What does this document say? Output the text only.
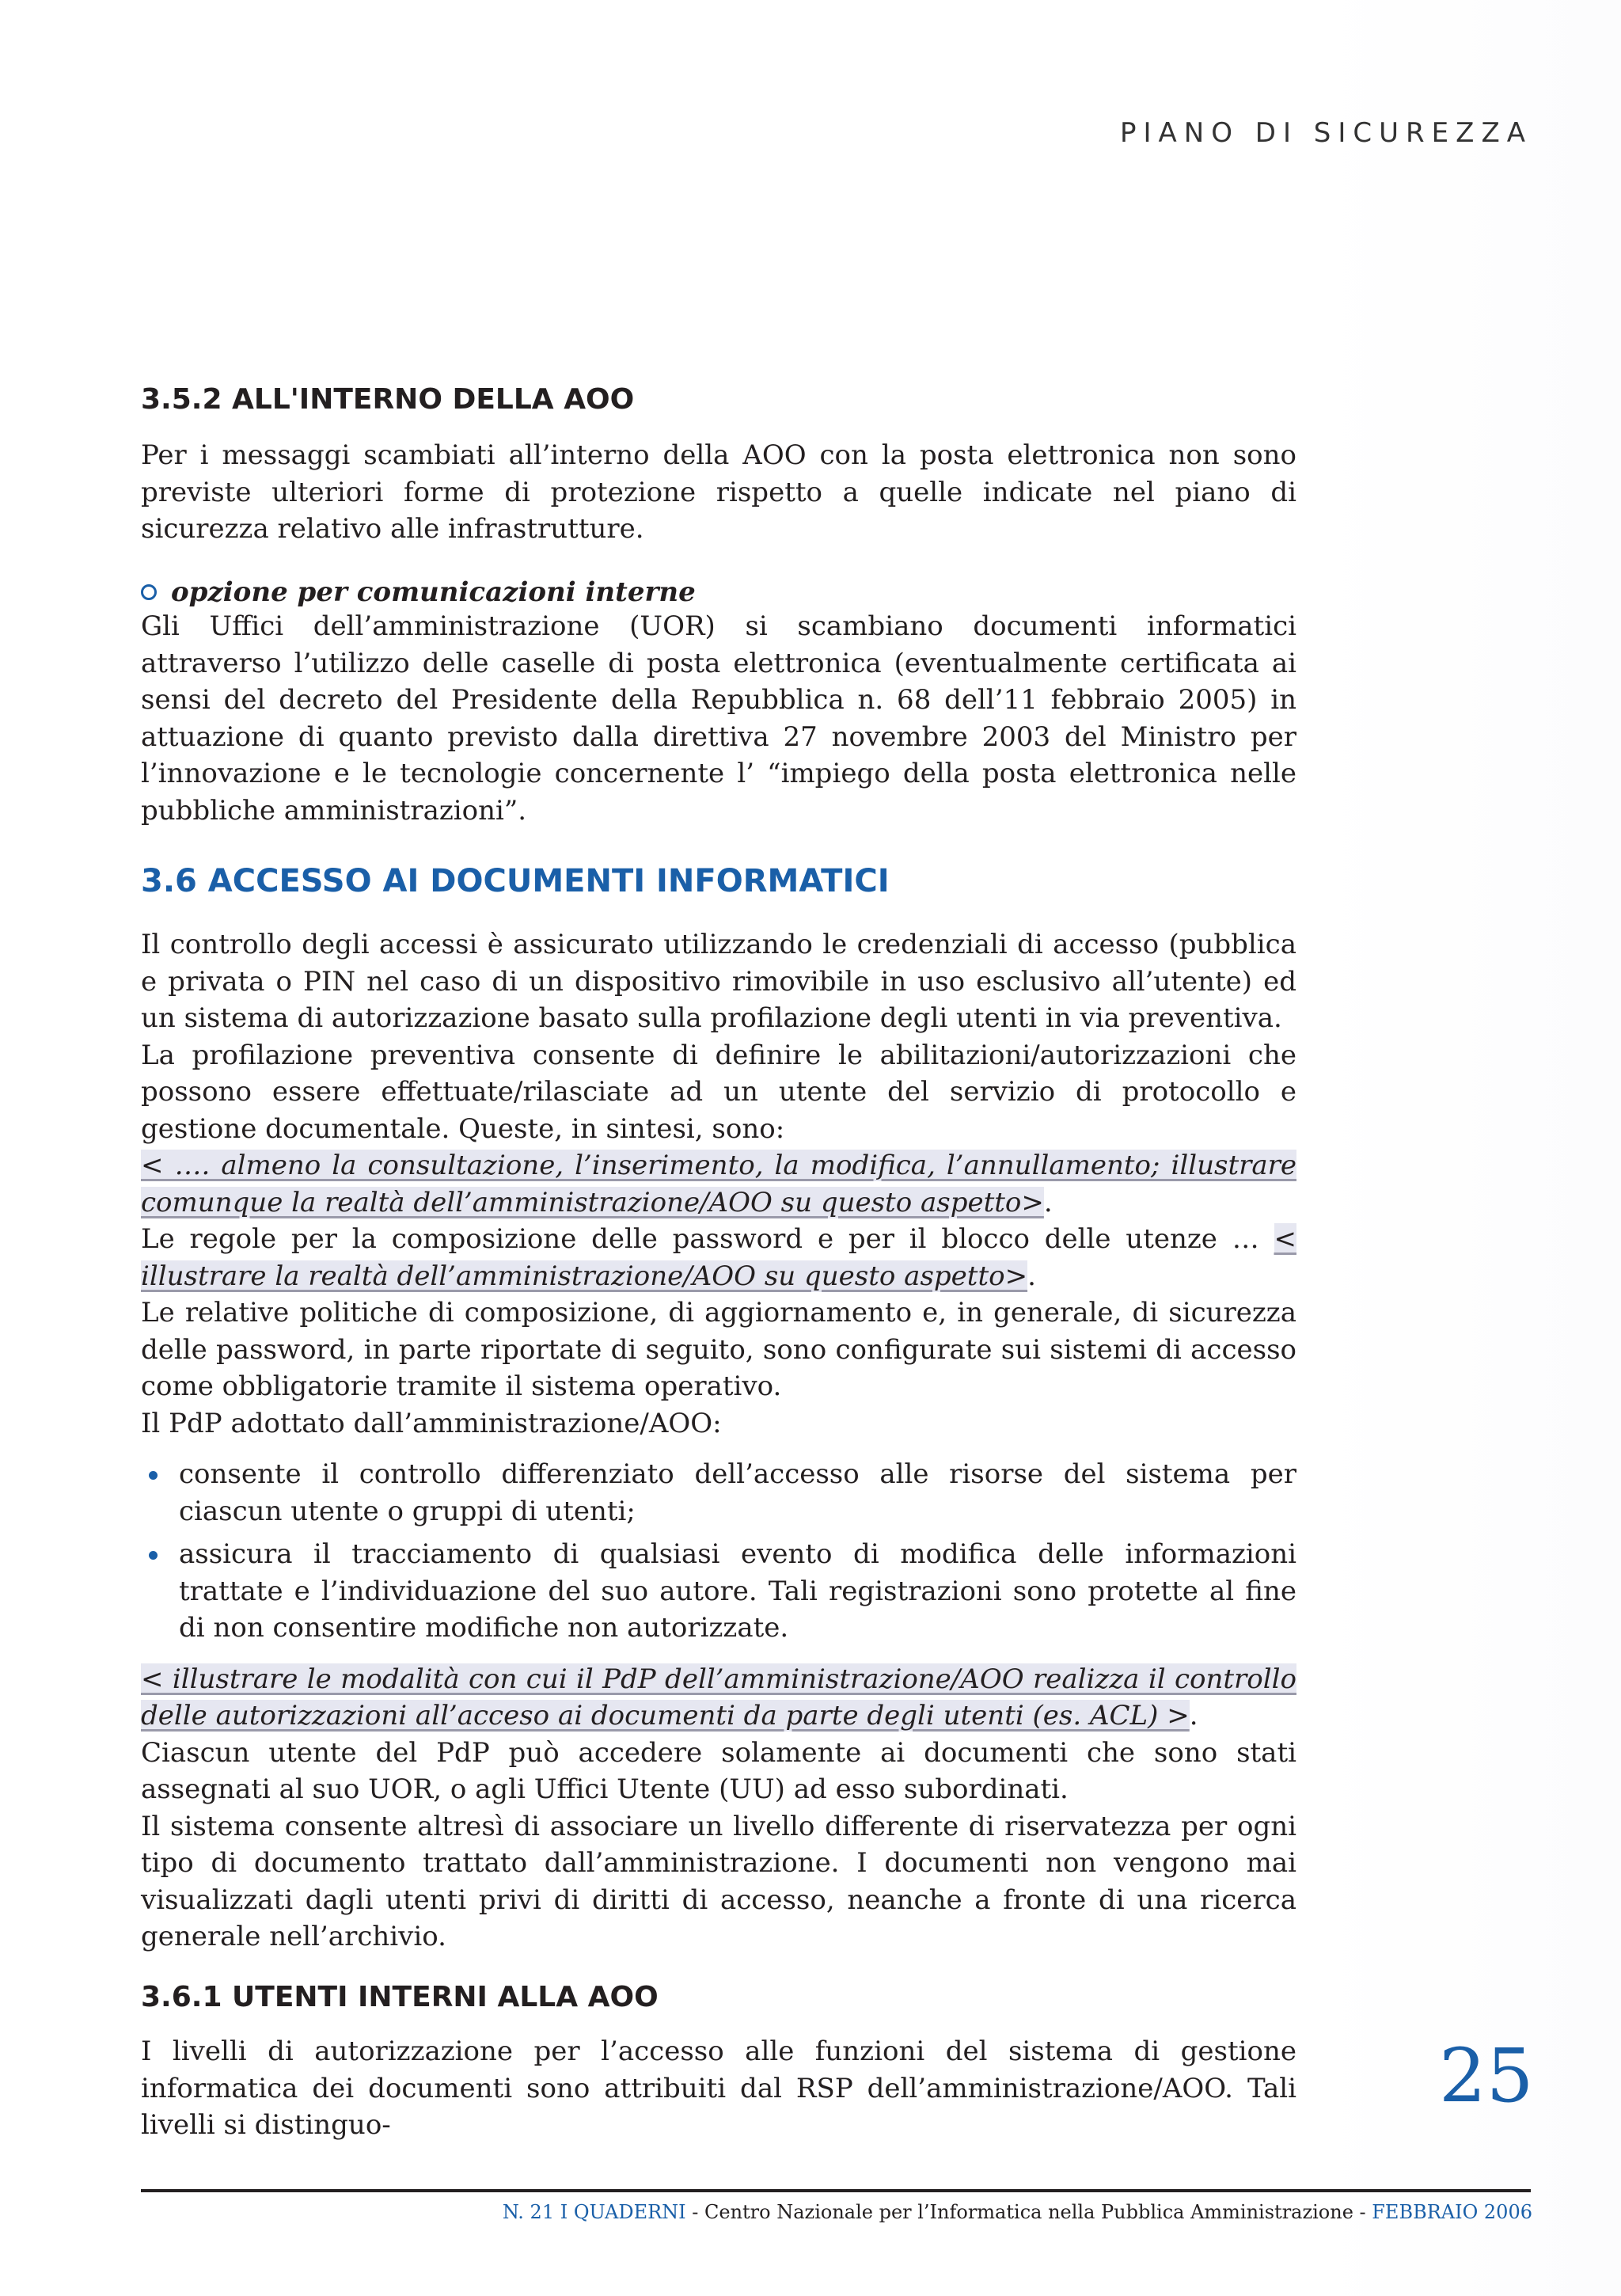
PIANO DI SICUREZZA
3.5.2 ALL'INTERNO DELLA AOO

Per i messaggi scambiati all’interno della AOO con la posta elettronica non sono previste ulteriori forme di protezione rispetto a quelle indicate nel piano di sicurezza relativo alle infrastrutture.

opzione per comunicazioni interne

Gli Uffici dell’amministrazione (UOR) si scambiano documenti informatici attraverso l’utilizzo delle caselle di posta elettronica (eventualmente certificata ai sensi del decreto del Presidente della Repubblica n. 68 dell’11 febbraio 2005) in attuazione di quanto previsto dalla direttiva 27 novembre 2003 del Ministro per l’innovazione e le tecnologie concernente l’ “impiego della posta elettronica nelle pubbliche amministrazioni”.

3.6 ACCESSO AI DOCUMENTI INFORMATICI

Il controllo degli accessi è assicurato utilizzando le credenziali di accesso (pubblica e privata o PIN nel caso di un dispositivo rimovibile in uso esclusivo all’utente) ed un sistema di autorizzazione basato sulla profilazione degli utenti in via preventiva.

La profilazione preventiva consente di definire le abilitazioni/autorizzazioni che possono essere effettuate/rilasciate ad un utente del servizio di protocollo e gestione documentale. Queste, in sintesi, sono:

< …. almeno la consultazione, l’inserimento, la modifica, l’annullamento; illustrare comunque la realtà dell’amministrazione/AOO su questo aspetto>.

Le regole per la composizione delle password e per il blocco delle utenze … < illustrare la realtà dell’amministrazione/AOO su questo aspetto>.

Le relative politiche di composizione, di aggiornamento e, in generale, di sicurezza delle password, in parte riportate di seguito, sono configurate sui sistemi di accesso come obbligatorie tramite il sistema operativo.

Il PdP adottato dall’amministrazione/AOO:

consente il controllo differenziato dell’accesso alle risorse del sistema per ciascun utente o gruppi di utenti;
assicura il tracciamento di qualsiasi evento di modifica delle informazioni trattate e l’individuazione del suo autore. Tali registrazioni sono protette al fine di non consentire modifiche non autorizzate.

< illustrare le modalità con cui il PdP dell’amministrazione/AOO realizza il controllo delle autorizzazioni all’acceso ai documenti da parte degli utenti (es. ACL) >.

Ciascun utente del PdP può accedere solamente ai documenti che sono stati assegnati al suo UOR, o agli Uffici Utente (UU) ad esso subordinati.

Il sistema consente altresì di associare un livello differente di riservatezza per ogni tipo di documento trattato dall’amministrazione. I documenti non vengono mai visualizzati dagli utenti privi di diritti di accesso, neanche a fronte di una ricerca generale nell’archivio.

3.6.1 UTENTI INTERNI ALLA AOO

I livelli di autorizzazione per l’accesso alle funzioni del sistema di gestione informatica dei documenti sono attribuiti dal RSP dell’amministrazione/AOO. Tali livelli si distinguo-

25
N. 21 I QUADERNI - Centro Nazionale per l’Informatica nella Pubblica Amministrazione - FEBBRAIO 2006
